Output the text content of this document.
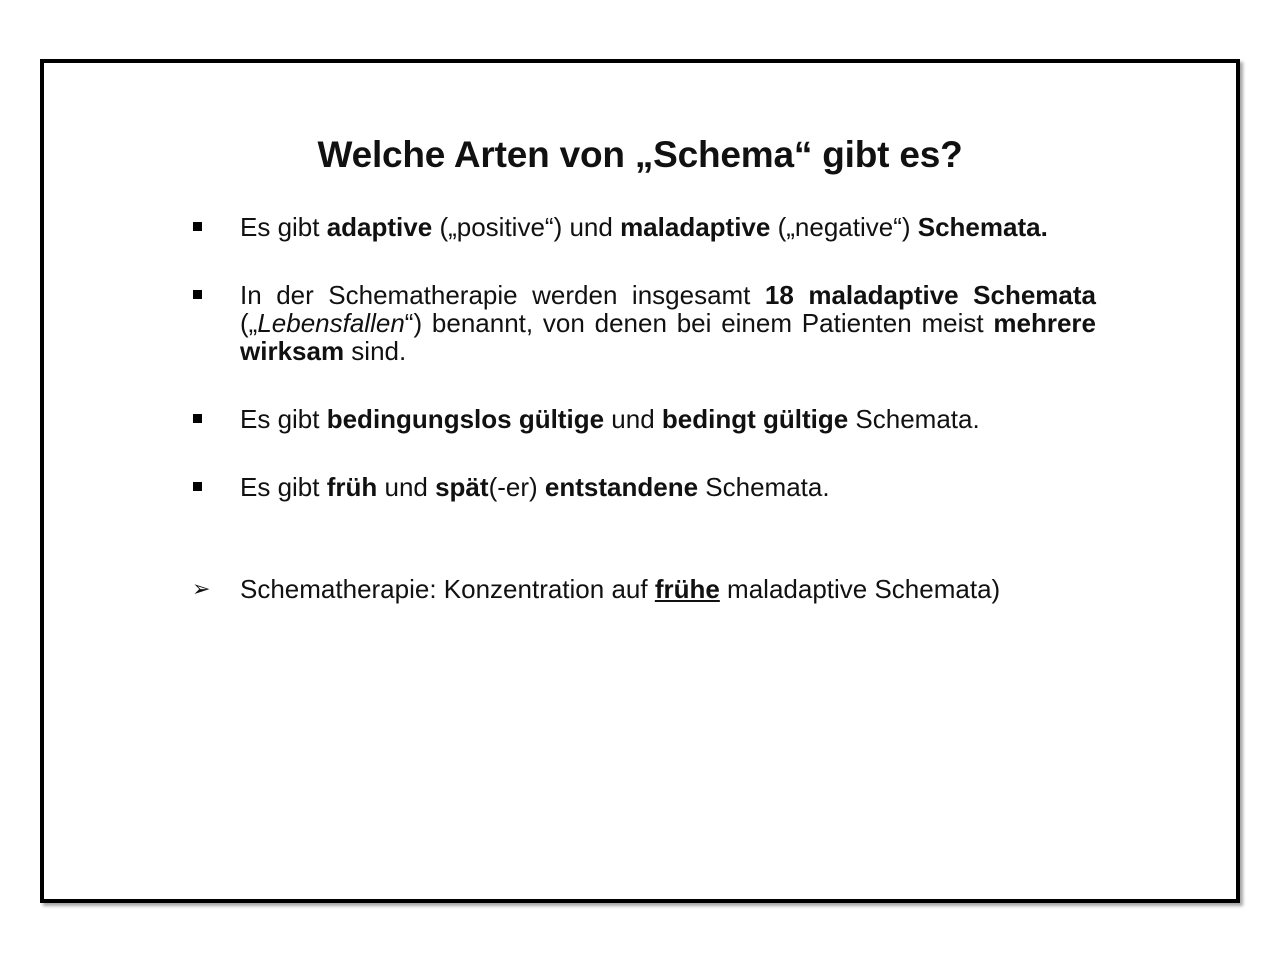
Welche Arten von „Schema“ gibt es?
Es gibt adaptive („positive“) und maladaptive („negative“) Schemata.
In der Schematherapie werden insgesamt 18 maladaptive Schemata („Lebensfallen“) benannt, von denen bei einem Patienten meist mehrere wirksam sind.
Es gibt bedingungslos gültige und bedingt gültige Schemata.
Es gibt früh und spät(-er) entstandene Schemata.
➢ Schematherapie: Konzentration auf frühe maladaptive Schemata)
